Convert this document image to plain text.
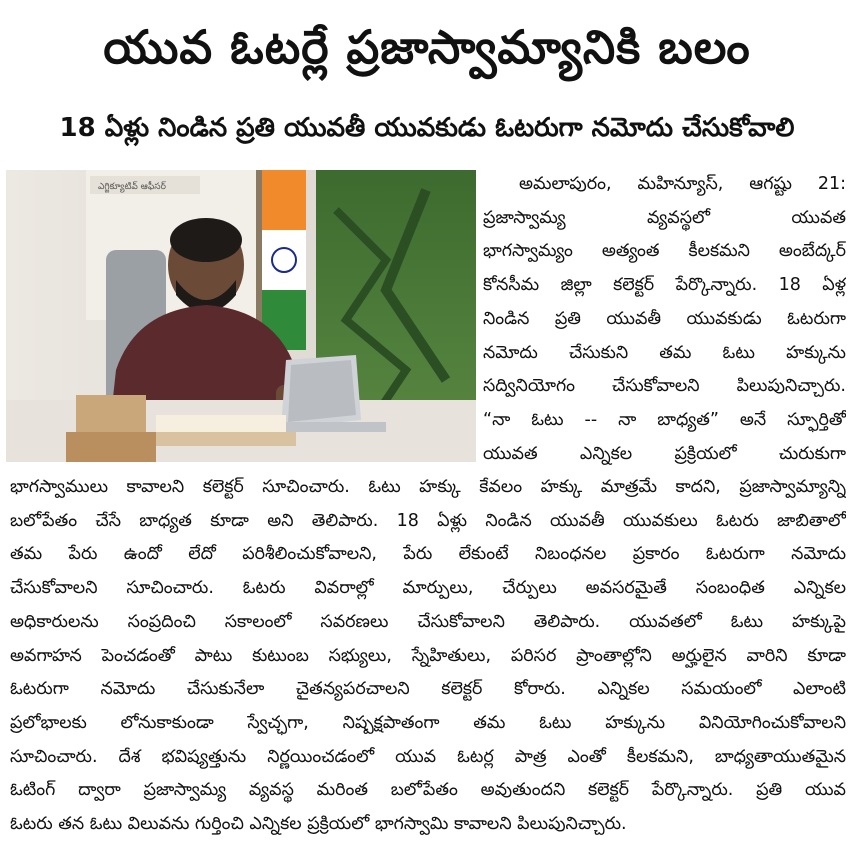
యువ ఓటర్లే ప్రజాస్వామ్యానికి బలం
18 ఏళ్లు నిండిన ప్రతి యువతీ యువకుడు ఓటరుగా నమోదు చేసుకోవాలి
ఎగ్జిక్యూటివ్ ఆఫీసర్	అమలాపురం, మహిన్యూస్, ఆగష్టు 21:
ప్రజాస్వామ్య వ్యవస్థలో యువత
భాగస్వామ్యం అత్యంత కీలకమని అంబేద్కర్
కోనసీమ జిల్లా కలెక్టర్ పేర్కొన్నారు. 18 ఏళ్ల
నిండిన ప్రతి యువతీ యువకుడు ఓటరుగా
నమోదు చేసుకుని తమ ఓటు హక్కును
సద్వినియోగం చేసుకోవాలని పిలుపునిచ్చారు.
“నా ఓటు -- నా బాధ్యత” అనే స్ఫూర్తితో
యువత ఎన్నికల ప్రక్రియలో చురుకుగా
భాగస్వాములు కావాలని కలెక్టర్ సూచించారు. ఓటు హక్కు కేవలం హక్కు మాత్రమే కాదని, ప్రజాస్వామ్యాన్ని
బలోపేతం చేసే బాధ్యత కూడా అని తెలిపారు. 18 ఏళ్లు నిండిన యువతీ యువకులు ఓటరు జాబితాలో
తమ పేరు ఉందో లేదో పరిశీలించుకోవాలని, పేరు లేకుంటే నిబంధనల ప్రకారం ఓటరుగా నమోదు
చేసుకోవాలని సూచించారు. ఓటరు వివరాల్లో మార్పులు, చేర్పులు అవసరమైతే సంబంధిత ఎన్నికల
అధికారులను సంప్రదించి సకాలంలో సవరణలు చేసుకోవాలని తెలిపారు. యువతలో ఓటు హక్కుపై
అవగాహన పెంచడంతో పాటు కుటుంబ సభ్యులు, స్నేహితులు, పరిసర ప్రాంతాల్లోని అర్హులైన వారిని కూడా
ఓటరుగా నమోదు చేసుకునేలా చైతన్యపరచాలని కలెక్టర్ కోరారు. ఎన్నికల సమయంలో ఎలాంటి
ప్రలోభాలకు లోనుకాకుండా స్వేచ్ఛగా, నిష్పక్షపాతంగా తమ ఓటు హక్కును వినియోగించుకోవాలని
సూచించారు. దేశ భవిష్యత్తును నిర్ణయించడంలో యువ ఓటర్ల పాత్ర ఎంతో కీలకమని, బాధ్యతాయుతమైన
ఓటింగ్ ద్వారా ప్రజాస్వామ్య వ్యవస్థ మరింత బలోపేతం అవుతుందని కలెక్టర్ పేర్కొన్నారు. ప్రతి యువ
ఓటరు తన ఓటు విలువను గుర్తించి ఎన్నికల ప్రక్రియలో భాగస్వామి కావాలని పిలుపునిచ్చారు.
